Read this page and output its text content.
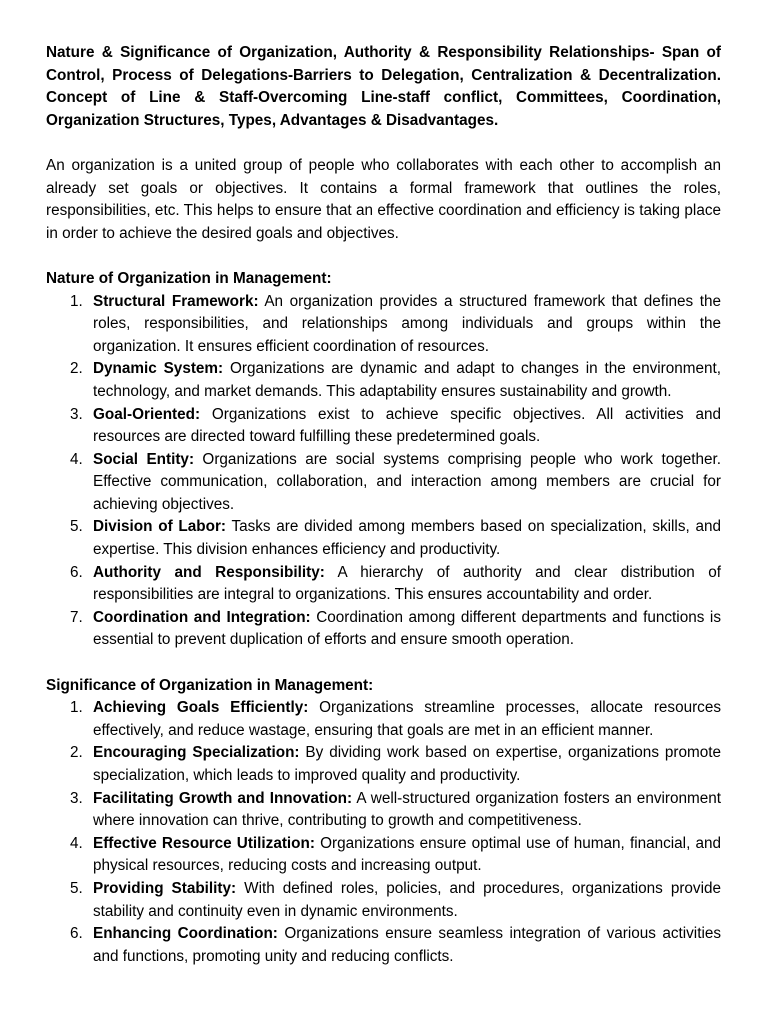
Nature & Significance of Organization, Authority & Responsibility Relationships- Span of Control, Process of Delegations-Barriers to Delegation, Centralization & Decentralization. Concept of Line & Staff-Overcoming Line-staff conflict, Committees, Coordination, Organization Structures, Types, Advantages & Disadvantages.

An organization is a united group of people who collaborates with each other to accomplish an already set goals or objectives. It contains a formal framework that outlines the roles, responsibilities, etc. This helps to ensure that an effective coordination and efficiency is taking place in order to achieve the desired goals and objectives.

Nature of Organization in Management:
1. Structural Framework: An organization provides a structured framework that defines the roles, responsibilities, and relationships among individuals and groups within the organization. It ensures efficient coordination of resources.
2. Dynamic System: Organizations are dynamic and adapt to changes in the environment, technology, and market demands. This adaptability ensures sustainability and growth.
3. Goal-Oriented: Organizations exist to achieve specific objectives. All activities and resources are directed toward fulfilling these predetermined goals.
4. Social Entity: Organizations are social systems comprising people who work together. Effective communication, collaboration, and interaction among members are crucial for achieving objectives.
5. Division of Labor: Tasks are divided among members based on specialization, skills, and expertise. This division enhances efficiency and productivity.
6. Authority and Responsibility: A hierarchy of authority and clear distribution of responsibilities are integral to organizations. This ensures accountability and order.
7. Coordination and Integration: Coordination among different departments and functions is essential to prevent duplication of efforts and ensure smooth operation.
Significance of Organization in Management:
1. Achieving Goals Efficiently: Organizations streamline processes, allocate resources effectively, and reduce wastage, ensuring that goals are met in an efficient manner.
2. Encouraging Specialization: By dividing work based on expertise, organizations promote specialization, which leads to improved quality and productivity.
3. Facilitating Growth and Innovation: A well-structured organization fosters an environment where innovation can thrive, contributing to growth and competitiveness.
4. Effective Resource Utilization: Organizations ensure optimal use of human, financial, and physical resources, reducing costs and increasing output.
5. Providing Stability: With defined roles, policies, and procedures, organizations provide stability and continuity even in dynamic environments.
6. Enhancing Coordination: Organizations ensure seamless integration of various activities and functions, promoting unity and reducing conflicts.
